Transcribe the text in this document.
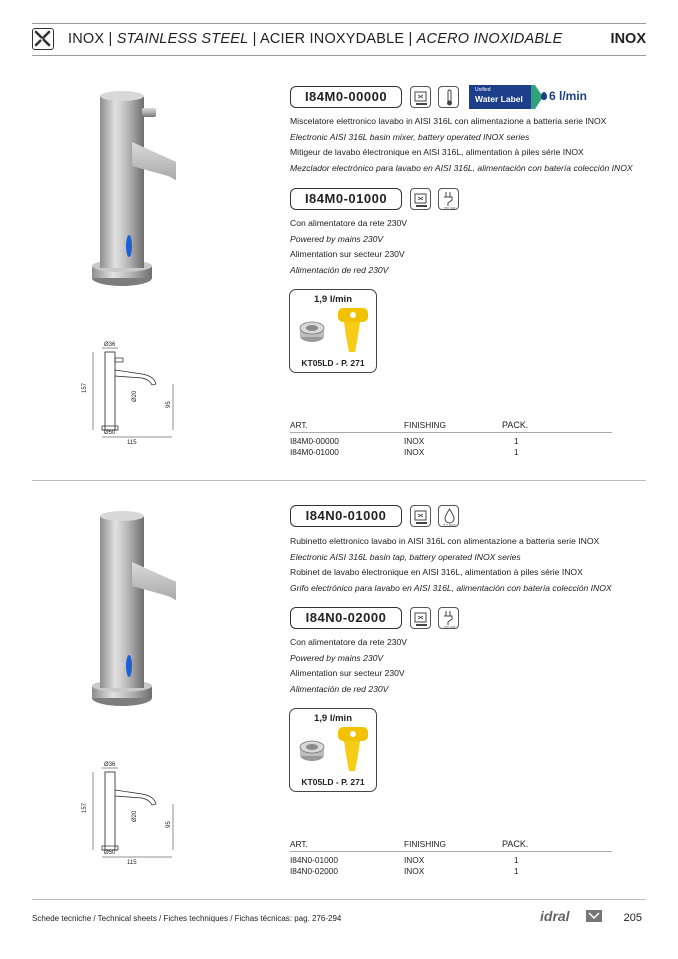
INOX | STAINLESS STEEL | ACIER INOXYDABLE | ACERO INOXIDABLE	INOX
I84M0-00000	Unified
Water Label 6 l/min
Miscelatore elettronico lavabo in AISI 316L con alimentazione a batteria serie INOX
Electronic AISI 316L basin mixer, battery operated INOX series
Mitigeur de lavabo électronique en AISI 316L, alimentation à piles série INOX
Mezclador electrónico para lavabo en AISI 316L, alimentación con batería colección INOX
I84M0-01000
230 Volt
Con alimentatore da rete 230V
Powered by mains 230V
Alimentation sur secteur 230V
Alimentación de red 230V
1,9 l/min
KT05LD - P. 271
Ø36
157
Ø20
95
Ø50
115
ART.	FINISHING	PACK.
I84M0-00000	INOX	1
I84M0-01000	INOX	1
I84N0-01000
5,7 l/min
Rubinetto elettronico lavabo in AISI 316L con alimentazione a batteria serie INOX
Electronic AISI 316L basin tap, battery operated INOX series
Robinet de lavabo électronique en AISI 316L, alimentation à piles série INOX
Grifo electrónico para lavabo en AISI 316L, alimentación con batería colección INOX
I84N0-02000
230 Volt
Con alimentatore da rete 230V
Powered by mains 230V
Alimentation sur secteur 230V
Alimentación de red 230V
1,9 l/min
KT05LD - P. 271
Ø36
157
Ø20
95
Ø50
115
ART.	FINISHING	PACK.
I84N0-01000	INOX	1
I84N0-02000	INOX	1
Schede tecniche / Technical sheets / Fiches techniques / Fichas técnicas: pag. 276-294	idral	205
